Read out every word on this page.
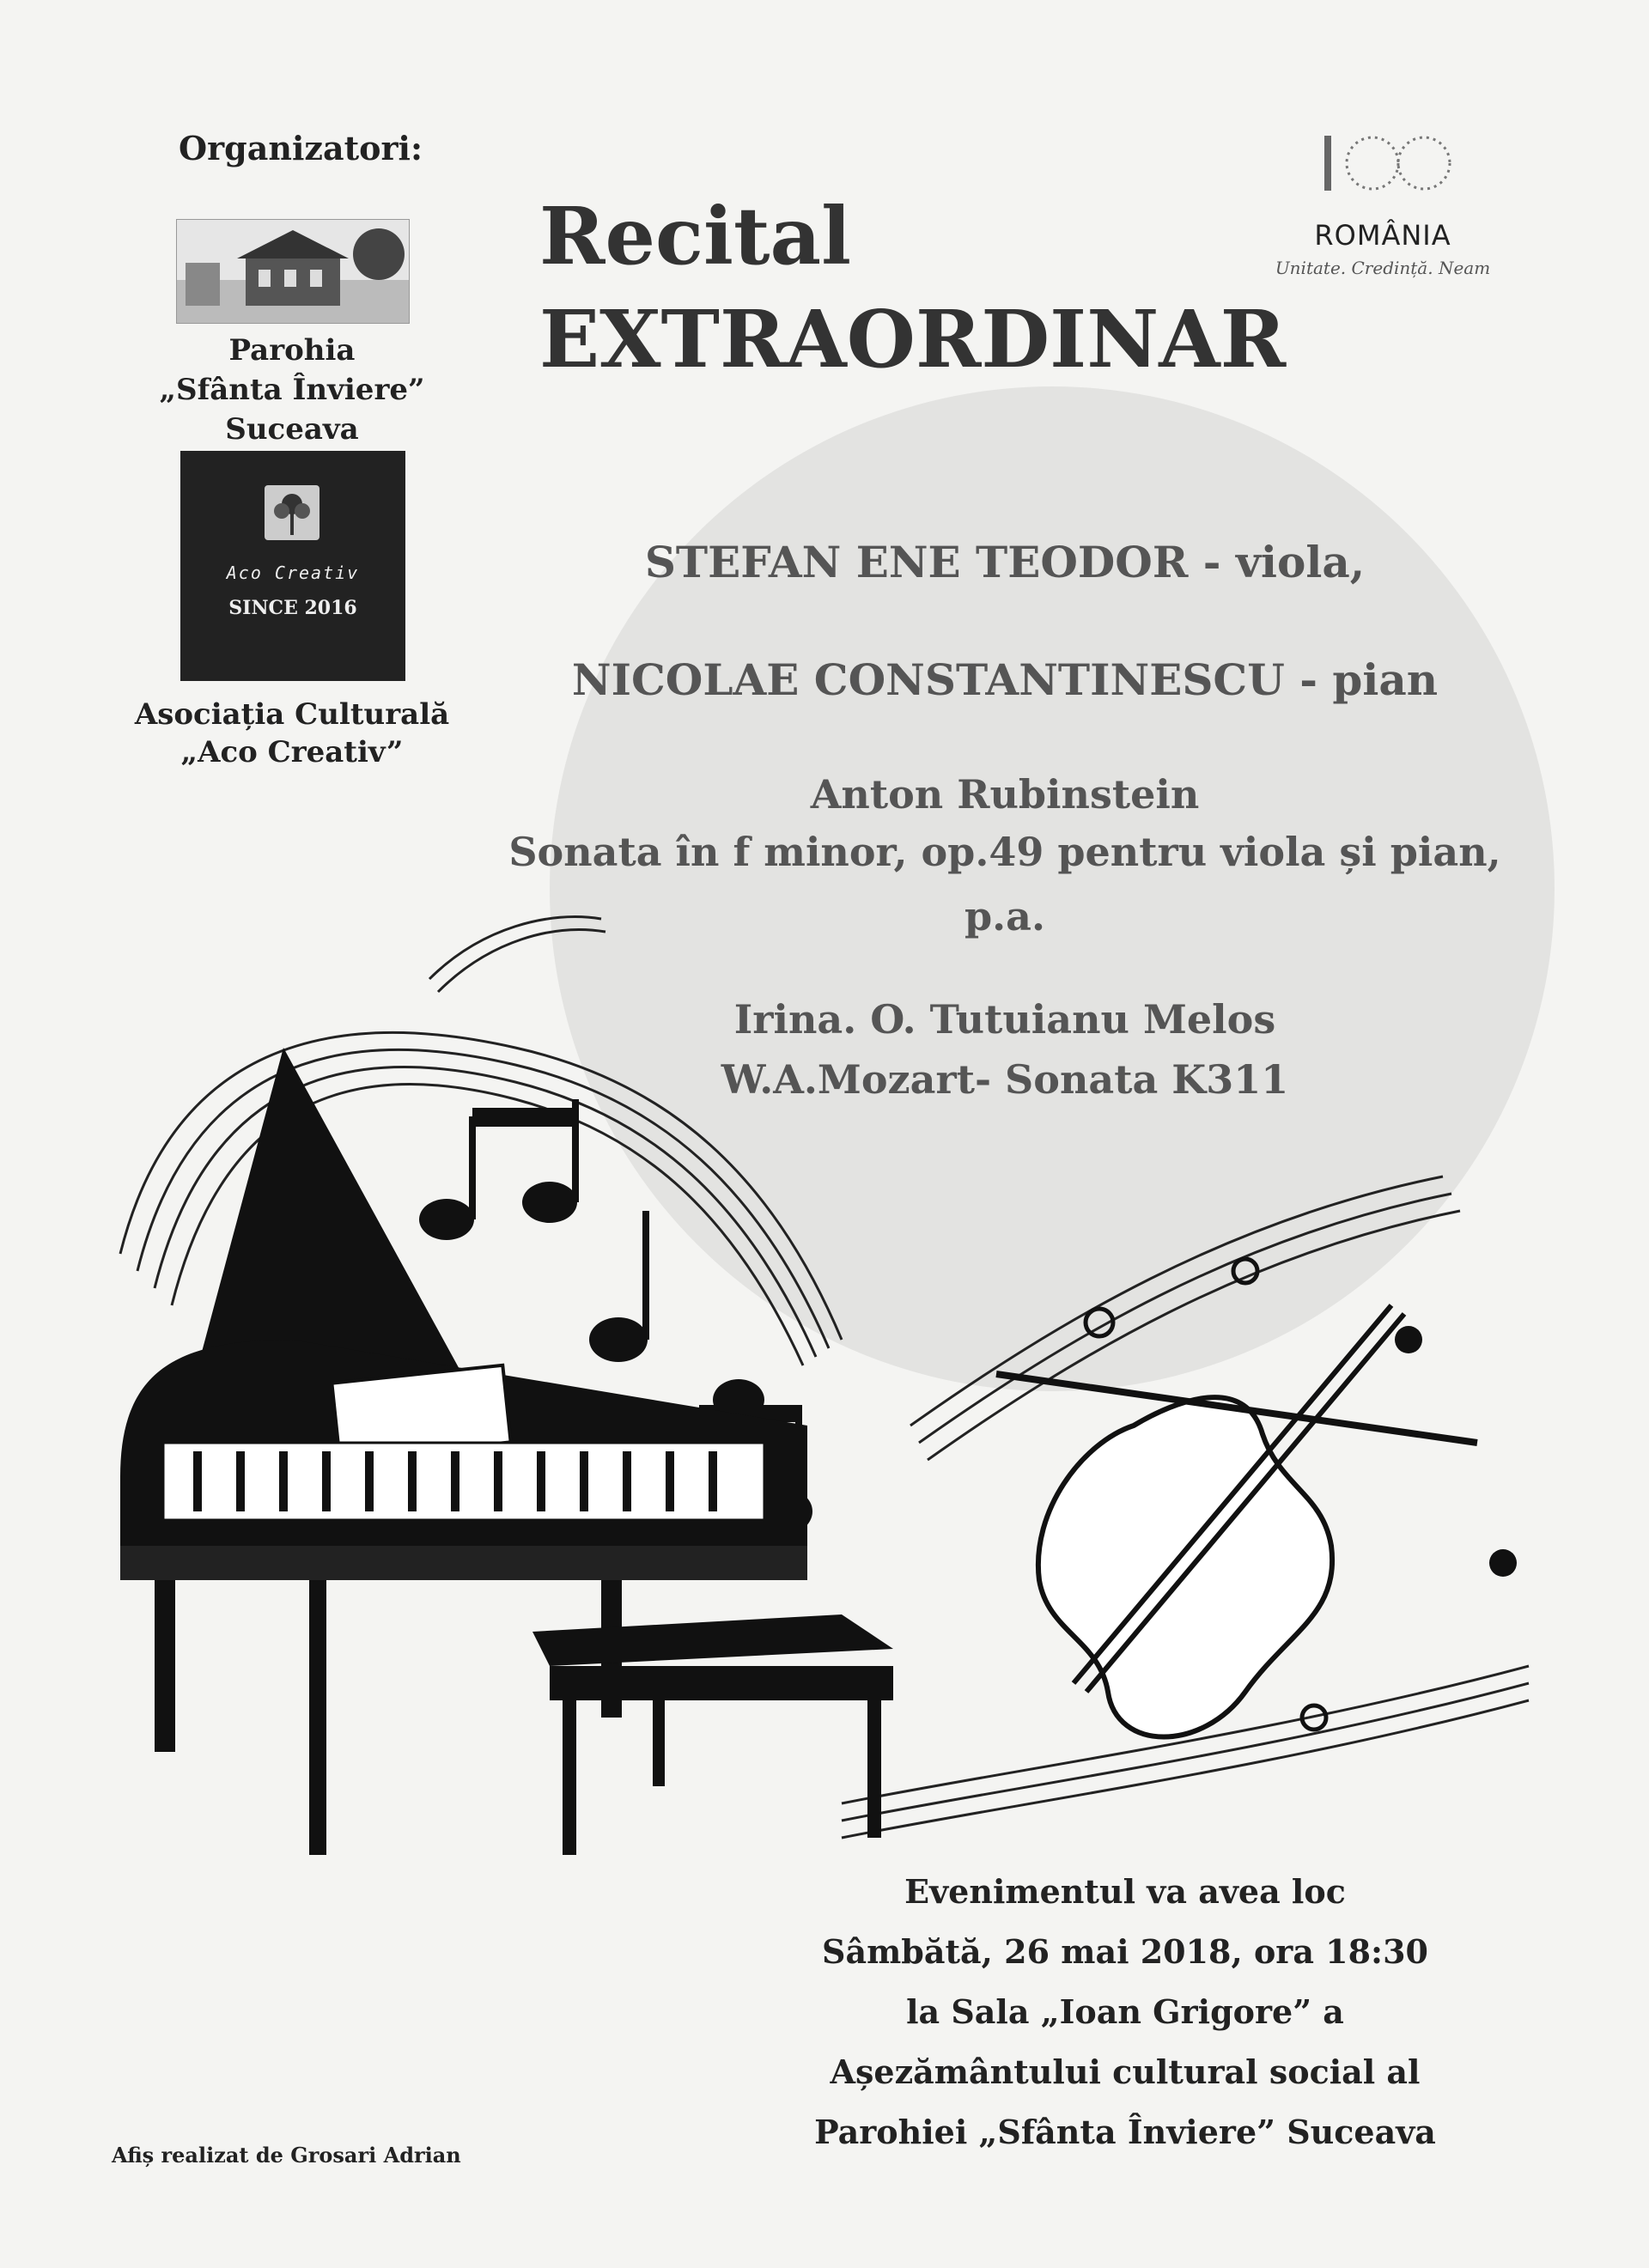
Organizatori:
Parohia
„Sfânta Înviere”
Suceava
Aco Creativ
SINCE 2016
Asociația Culturală
„Aco Creativ”
Recital
EXTRAORDINAR
ROMÂNIA
Unitate. Credință. Neam
STEFAN ENE TEODOR - viola,
NICOLAE CONSTANTINESCU - pian
Anton Rubinstein
Sonata în f minor, op.49 pentru viola și pian,
p.a.
Irina. O. Tutuianu Melos
W.A.Mozart- Sonata K311
Evenimentul va avea loc
Sâmbătă, 26 mai 2018, ora 18:30
la Sala „Ioan Grigore” a
Așezământului cultural social al
Parohiei „Sfânta Înviere” Suceava
Afiș realizat de Grosari Adrian
